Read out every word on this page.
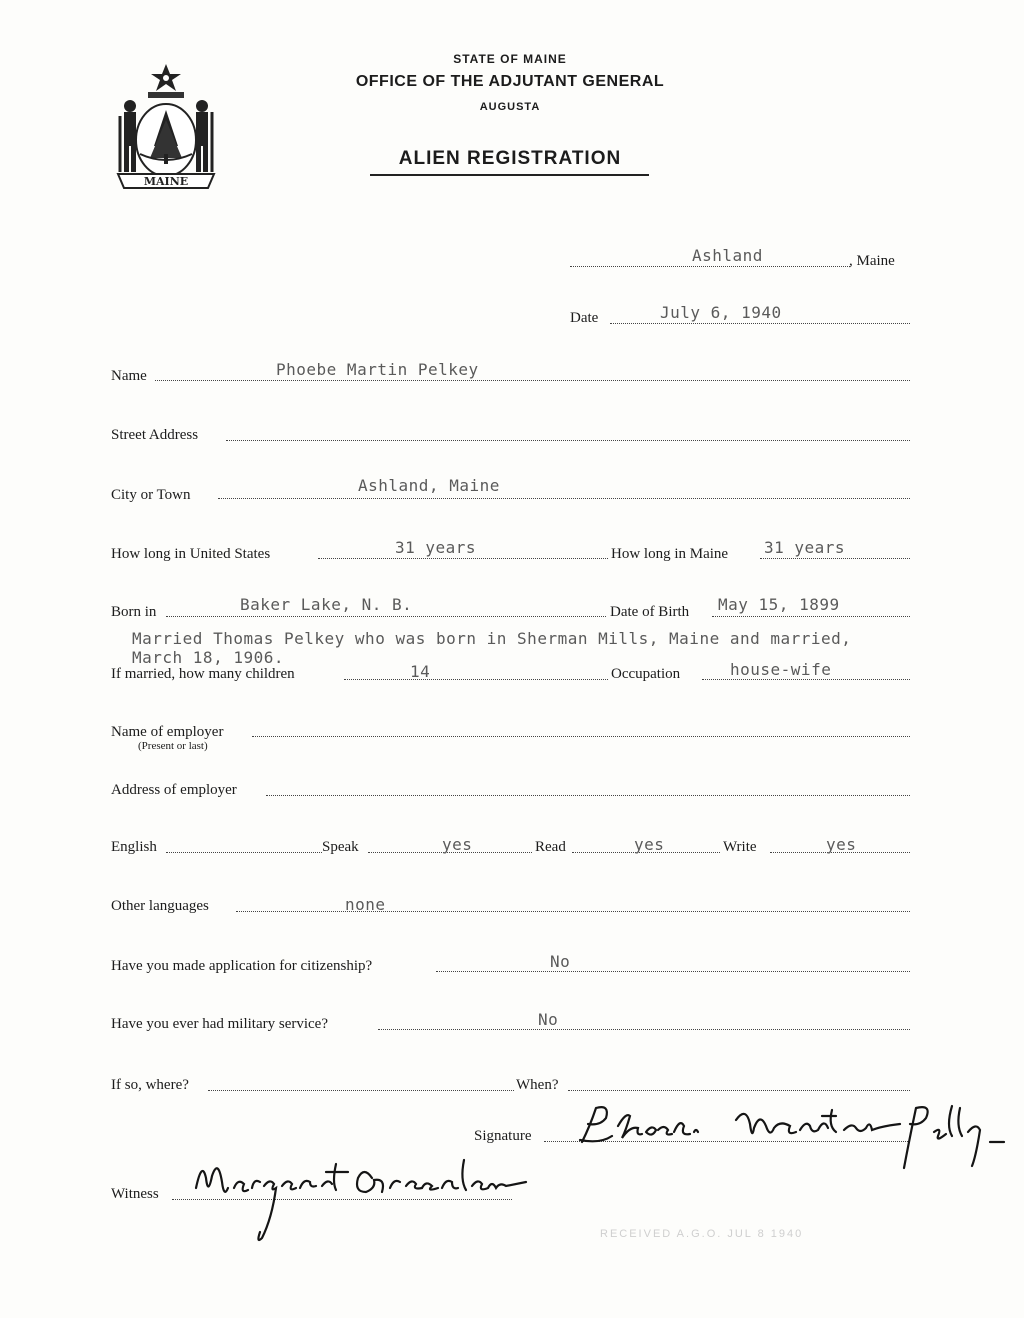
MAINE
STATE OF MAINE
OFFICE OF THE ADJUTANT GENERAL
AUGUSTA
ALIEN REGISTRATION
Ashland	, Maine
Date	July 6, 1940
Name	Phoebe Martin Pelkey
Street Address
City or Town	Ashland, Maine
How long in United States	31 years	How long in Maine 31 years
Born in	Baker Lake, N. B.	Date of Birth May 15, 1899
Married Thomas Pelkey who was born in Sherman Mills, Maine and married,
March 18, 1906.
If married, how many children	14	Occupation	house-wife
Name of employer
(Present or last)
Address of employer
English	Speak	yes	Read	yes	Write	yes
Other languages	none
Have you made application for citizenship?	No
Have you ever had military service?	No
If so, where?	When?
Signature
Phoebe Martin Pelkey
Witness
Margaret Greenlaw
RECEIVED A.G.O. JUL 8 1940
